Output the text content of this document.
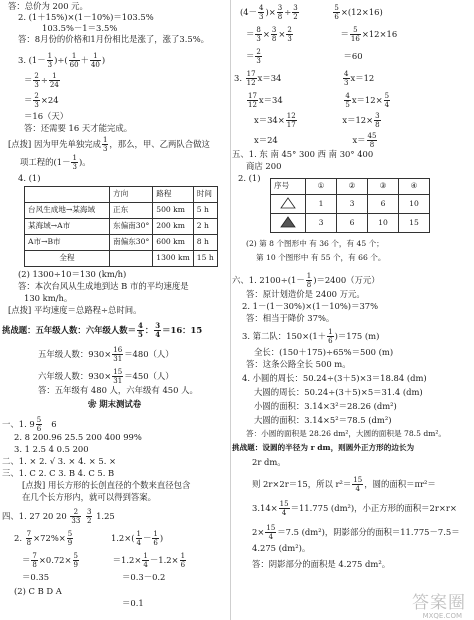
答：总价为 200 元。
2. (1＋15%)×(1－10%)＝103.5%
103.5%－1＝3.5%
答：8月份的价格和1月份相比是涨了，涨了3.5%。
3. ($1- \frac{1}{3}$ )÷( $\frac{1}{60} + \frac{1}{40}$ )
＝ $\frac{2}{3} \div \frac{1}{24}$
＝ $\frac{2}{3} \times 24$
＝16（天）
答：还需要 16 天才能完成。
[点拨] 因为甲先单独完成 $\frac{1}{3}$ ，那么，甲、乙两队合做这
项工程的($1- \frac{1}{3}$ )。
4. (1)
	方向	路程	时间
台风生成地→某海域	正东	500 km	5 h
某海域→A市	东偏南30°	200 km	2 h
A市→B市	南偏东30°	600 km	8 h
全程		1300 km	15 h
(2) 1300÷10＝130 (km/h)
答：本次台风从生成地到达 B 市的平均速度是
130 km/h。
[点拨] 平均速度＝总路程÷总时间。
挑战题：五年级人数：六年级人数＝ $\frac{4}{5}$ ： $\frac{3}{4} =16$：15
五年级人数：$930\times \frac{16}{31} =480$（人）
六年级人数：$930\times \frac{15}{31} =450$（人）
答：五年级有 480 人，六年级有 450 人。
❀ 期末测试卷
一、1. $9 \frac{5}{6} 6$
2. 8 200.96 25.5 200 400 99%
3. 1 2.5 4 0.5 200
二、1. × 2. √ 3. × 4. × 5. ×
三、1. C 2. C 3. B 4. C 5. B
[点拨] 用长方形的长创直径的个数来直径包含
在几个长方形内，就可以得到答案。
四、1. 27 20 $20 \frac{2}{33}$
$\frac{3}{2} 1.25$
2. $\frac{7}{8} \times 72\%\times \frac{5}{9}$	$1.2\times( \frac{1}{4} - \frac{1}{6}$ )
＝ $\frac{7}{8} \times 0.72\times \frac{5}{9}$	$=1.2\times \frac{1}{4} -1.2\times \frac{1}{6}$
＝0.35	＝0.3－0.2
(2) C B D A
＝0.1
($4- \frac{4}{3}$ )× $\frac{3}{8} \div \frac{3}{2}$
	$\frac{5}{6} \times(12\times 16)$
＝ $\frac{8}{3} \times \frac{3}{8} \times \frac{2}{3}$	＝ $\frac{5}{16} \times 12\times 16$
＝ $\frac{2}{3}$	＝60
3. $\frac{17}{12} x=34$	$\frac{4}{3} x=12$
$\frac{17}{12} x=34$	$\frac{4}{5} x=12\times \frac{5}{4}$
$x=34\times \frac{12}{17}$	$x=12\times \frac{3}{8}$
x＝24	$x= \frac{45}{8}$
五、1. 东 南 45° 300 西 南 30° 400
商店 200
2. (1)
序号	①	②	③	④
	1	3	6	10
	3	6	10	15
(2) 第 8 个图形中 有 36 个，有 45 个；
第 10 个图形中 有 55 个，有 66 个。
六、1. $2100\div(1- \frac{1}{8} )=2400$（万元）
答：原计划造价是 2400 万元。
2. 1－(1－30%)×(1－10%)＝37%
答：相当于降价 37%。
3. 第二队：$150\times(1+ \frac{1}{6} )=175$ (m)
全长：(150＋175)÷65%＝500 (m)
答：这条公路全长 500 m。
4. 小圆的周长：50.24÷(3＋5)×3＝18.84 (dm)
大圆的周长：50.24÷(3＋5)×5＝31.4 (dm)
小圆的面积：3.14×3²＝28.26 (dm²)
大圆的面积：3.14×5²＝78.5 (dm²)
答：小圆的面积是 28.26 dm²，大圆的面积是 78.5 dm²。
挑战题：设圆的半径为 r dm，则圆外正方形的边长为
2r dm。
则 2r×2r＝15，所以 $r^2= \frac{15}{4}$ ，圆的面积＝πr²＝
$3.14\times \frac{15}{4} =11.775$ (dm²)，小正方形的面积＝2r×r×
$2\times \frac{15}{4} =7.5$ (dm²)，阴影部分的面积＝11.775－7.5＝
4.275 (dm²)。
答：阴影部分的面积是 4.275 dm²。
答案圈
MXQE.COM
